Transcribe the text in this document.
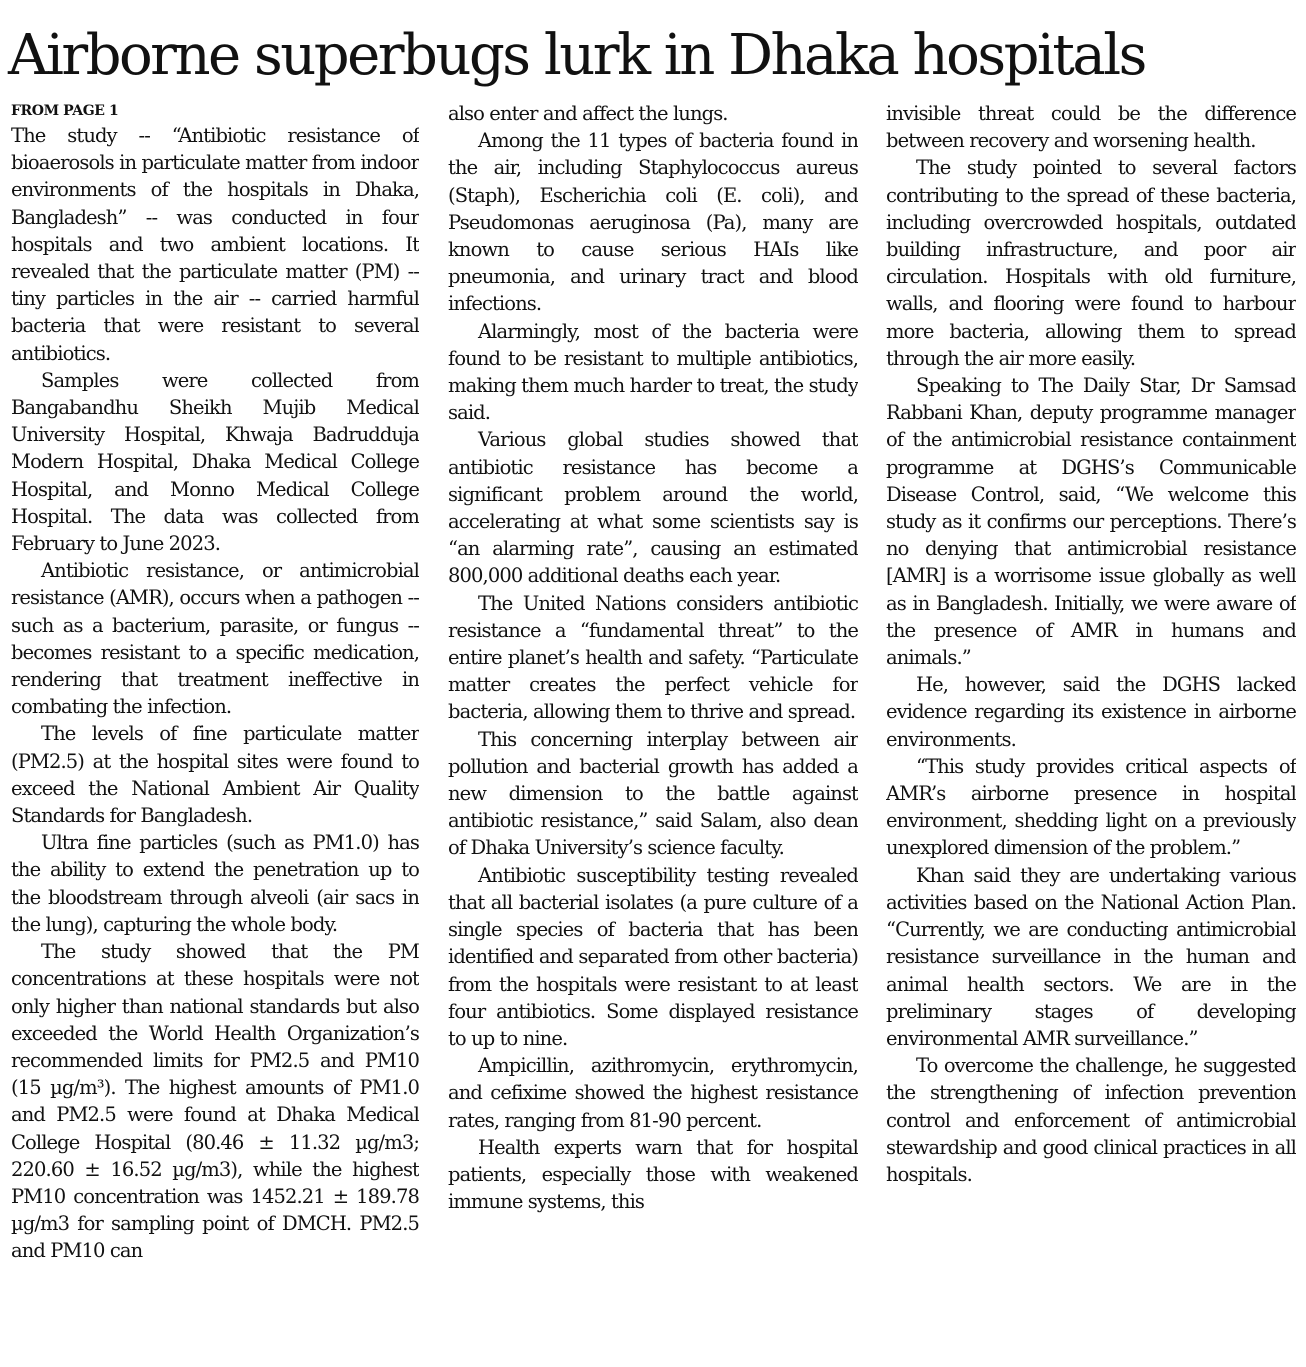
Airborne superbugs lurk in Dhaka hospitals
FROM PAGE 1

The study -- “Antibiotic resistance of bioaerosols in particulate matter from indoor environments of the hospitals in Dhaka, Bangladesh” -- was conducted in four hospitals and two ambient locations. It revealed that the particulate matter (PM) -- tiny particles in the air -- carried harmful bacteria that were resistant to several antibiotics.

Samples were collected from Bangabandhu Sheikh Mujib Medical University Hospital, Khwaja Badrudduja Modern Hospital, Dhaka Medical College Hospital, and Monno Medical College Hospital. The data was collected from February to June 2023.

Antibiotic resistance, or antimicrobial resistance (AMR), occurs when a pathogen -- such as a bacterium, parasite, or fungus -- becomes resistant to a specific medication, rendering that treatment ineffective in combating the infection.

The levels of fine particulate matter (PM2.5) at the hospital sites were found to exceed the National Ambient Air Quality Standards for Bangladesh.

Ultra fine particles (such as PM1.0) has the ability to extend the penetration up to the bloodstream through alveoli (air sacs in the lung), capturing the whole body.

The study showed that the PM concentrations at these hospitals were not only higher than national standards but also exceeded the World Health Organization’s recommended limits for PM2.5 and PM10 (15 µg/m³). The highest amounts of PM1.0 and PM2.5 were found at Dhaka Medical College Hospital (80.46 ± 11.32 µg/m3; 220.60 ± 16.52 µg/m3), while the highest PM10 concentration was 1452.21 ± 189.78 µg/m3 for sampling point of DMCH. PM2.5 and PM10 can

also enter and affect the lungs.

Among the 11 types of bacteria found in the air, including Staphylococcus aureus (Staph), Escherichia coli (E. coli), and Pseudomonas aeruginosa (Pa), many are known to cause serious HAIs like pneumonia, and urinary tract and blood infections.

Alarmingly, most of the bacteria were found to be resistant to multiple antibiotics, making them much harder to treat, the study said.

Various global studies showed that antibiotic resistance has become a significant problem around the world, accelerating at what some scientists say is “an alarming rate”, causing an estimated 800,000 additional deaths each year.

The United Nations considers antibiotic resistance a “fundamental threat” to the entire planet’s health and safety. “Particulate matter creates the perfect vehicle for bacteria, allowing them to thrive and spread.

This concerning interplay between air pollution and bacterial growth has added a new dimension to the battle against antibiotic resistance,” said Salam, also dean of Dhaka University’s science faculty.

Antibiotic susceptibility testing revealed that all bacterial isolates (a pure culture of a single species of bacteria that has been identified and separated from other bacteria) from the hospitals were resistant to at least four antibiotics. Some displayed resistance to up to nine.

Ampicillin, azithromycin, erythromycin, and cefixime showed the highest resistance rates, ranging from 81-90 percent.

Health experts warn that for hospital patients, especially those with weakened immune systems, this

invisible threat could be the difference between recovery and worsening health.

The study pointed to several factors contributing to the spread of these bacteria, including overcrowded hospitals, outdated building infrastructure, and poor air circulation. Hospitals with old furniture, walls, and flooring were found to harbour more bacteria, allowing them to spread through the air more easily.

Speaking to The Daily Star, Dr Samsad Rabbani Khan, deputy programme manager of the antimicrobial resistance containment programme at DGHS’s Communicable Disease Control, said, “We welcome this study as it confirms our perceptions. There’s no denying that antimicrobial resistance [AMR] is a worrisome issue globally as well as in Bangladesh. Initially, we were aware of the presence of AMR in humans and animals.”

He, however, said the DGHS lacked evidence regarding its existence in airborne environments.

“This study provides critical aspects of AMR’s airborne presence in hospital environment, shedding light on a previously unexplored dimension of the problem.”

Khan said they are undertaking various activities based on the National Action Plan. “Currently, we are conducting antimicrobial resistance surveillance in the human and animal health sectors. We are in the preliminary stages of developing environmental AMR surveillance.”

To overcome the challenge, he suggested the strengthening of infection prevention control and enforcement of antimicrobial stewardship and good clinical practices in all hospitals.
